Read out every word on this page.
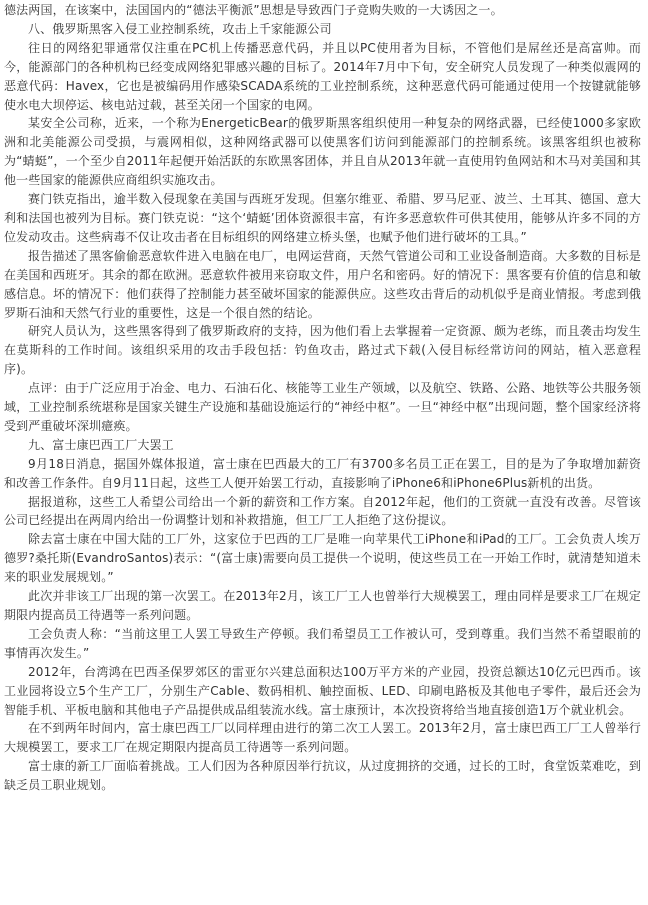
德法两国，在该案中，法国国内的“德法平衡派”思想是导致西门子竞购失败的一大诱因之一。

八、俄罗斯黑客入侵工业控制系统，攻击上千家能源公司

往日的网络犯罪通常仅注重在PC机上传播恶意代码，并且以PC使用者为目标，不管他们是屌丝还是高富帅。而今，能源部门的各种机构已经变成网络犯罪感兴趣的目标了。2014年7月中下旬，安全研究人员发现了一种类似震网的恶意代码：Havex，它也是被编码用作感染SCADA系统的工业控制系统，这种恶意代码可能通过使用一个按键就能够使水电大坝停运、核电站过载，甚至关闭一个国家的电网。

某安全公司称，近来，一个称为EnergeticBear的俄罗斯黑客组织使用一种复杂的网络武器，已经使1000多家欧洲和北美能源公司受损，与震网相似，这种网络武器可以使黑客们访问到能源部门的控制系统。该黑客组织也被称为“蜻蜓”，一个至少自2011年起便开始活跃的东欧黑客团体，并且自从2013年就一直使用钓鱼网站和木马对美国和其他一些国家的能源供应商组织实施攻击。

赛门铁克指出，逾半数入侵现象在美国与西班牙发现。但塞尔维亚、希腊、罗马尼亚、波兰、土耳其、德国、意大利和法国也被列为目标。赛门铁克说：“这个‘蜻蜓’团体资源很丰富，有许多恶意软件可供其使用，能够从许多不同的方位发动攻击。这些病毒不仅让攻击者在目标组织的网络建立桥头堡，也赋予他们进行破坏的工具。”

报告描述了黑客偷偷恶意软件进入电脑在电厂，电网运营商，天然气管道公司和工业设备制造商。大多数的目标是在美国和西班牙。其余的都在欧洲。恶意软件被用来窃取文件，用户名和密码。好的情况下：黑客要有价值的信息和敏感信息。坏的情况下：他们获得了控制能力甚至破坏国家的能源供应。这些攻击背后的动机似乎是商业情报。考虑到俄罗斯石油和天然气行业的重要性，这是一个很自然的结论。

研究人员认为，这些黑客得到了俄罗斯政府的支持，因为他们看上去掌握着一定资源、颇为老练，而且袭击均发生在莫斯科的工作时间。该组织采用的攻击手段包括：钓鱼攻击，路过式下载(入侵目标经常访问的网站，植入恶意程序)。

点评：由于广泛应用于冶金、电力、石油石化、核能等工业生产领域，以及航空、铁路、公路、地铁等公共服务领域，工业控制系统堪称是国家关键生产设施和基础设施运行的“神经中枢”。一旦“神经中枢”出现问题，整个国家经济将受到严重破坏深圳癔痪。

九、富士康巴西工厂大罢工

9月18日消息，据国外媒体报道，富士康在巴西最大的工厂有3700多名员工正在罢工，目的是为了争取增加薪资和改善工作条件。自9月11日起，这些工人便开始罢工行动，直接影响了iPhone6和iPhone6Plus新机的出货。

据报道称，这些工人希望公司给出一个新的薪资和工作方案。自2012年起，他们的工资就一直没有改善。尽管该公司已经提出在两周内给出一份调整计划和补救措施，但工厂工人拒绝了这份提议。

除去富士康在中国大陆的工厂外，这家位于巴西的工厂是唯一向苹果代工iPhone和iPad的工厂。工会负责人埃万德罗?桑托斯(EvandroSantos)表示：“(富士康)需要向员工提供一个说明，使这些员工在一开始工作时，就清楚知道未来的职业发展规划。”

此次并非该工厂出现的第一次罢工。在2013年2月，该工厂工人也曾举行大规模罢工，理由同样是要求工厂在规定期限内提高员工待遇等一系列问题。

工会负责人称：“当前这里工人罢工导致生产停顿。我们希望员工工作被认可，受到尊重。我们当然不希望眼前的事情再次发生。”

2012年，台湾鸿在巴西圣保罗郊区的雷亚尔兴建总面积达100万平方米的产业园，投资总额达10亿元巴西币。该工业园将设立5个生产工厂，分别生产Cable、数码相机、触控面板、LED、印刷电路板及其他电子零件，最后还会为智能手机、平板电脑和其他电子产品提供成品组装流水线。富士康预计，本次投资将给当地直接创造1万个就业机会。

在不到两年时间内，富士康巴西工厂以同样理由进行的第二次工人罢工。2013年2月，富士康巴西工厂工人曾举行大规模罢工，要求工厂在规定期限内提高员工待遇等一系列问题。

富士康的新工厂面临着挑战。工人们因为各种原因举行抗议，从过度拥挤的交通，过长的工时，食堂饭菜难吃，到缺乏员工职业规划。
